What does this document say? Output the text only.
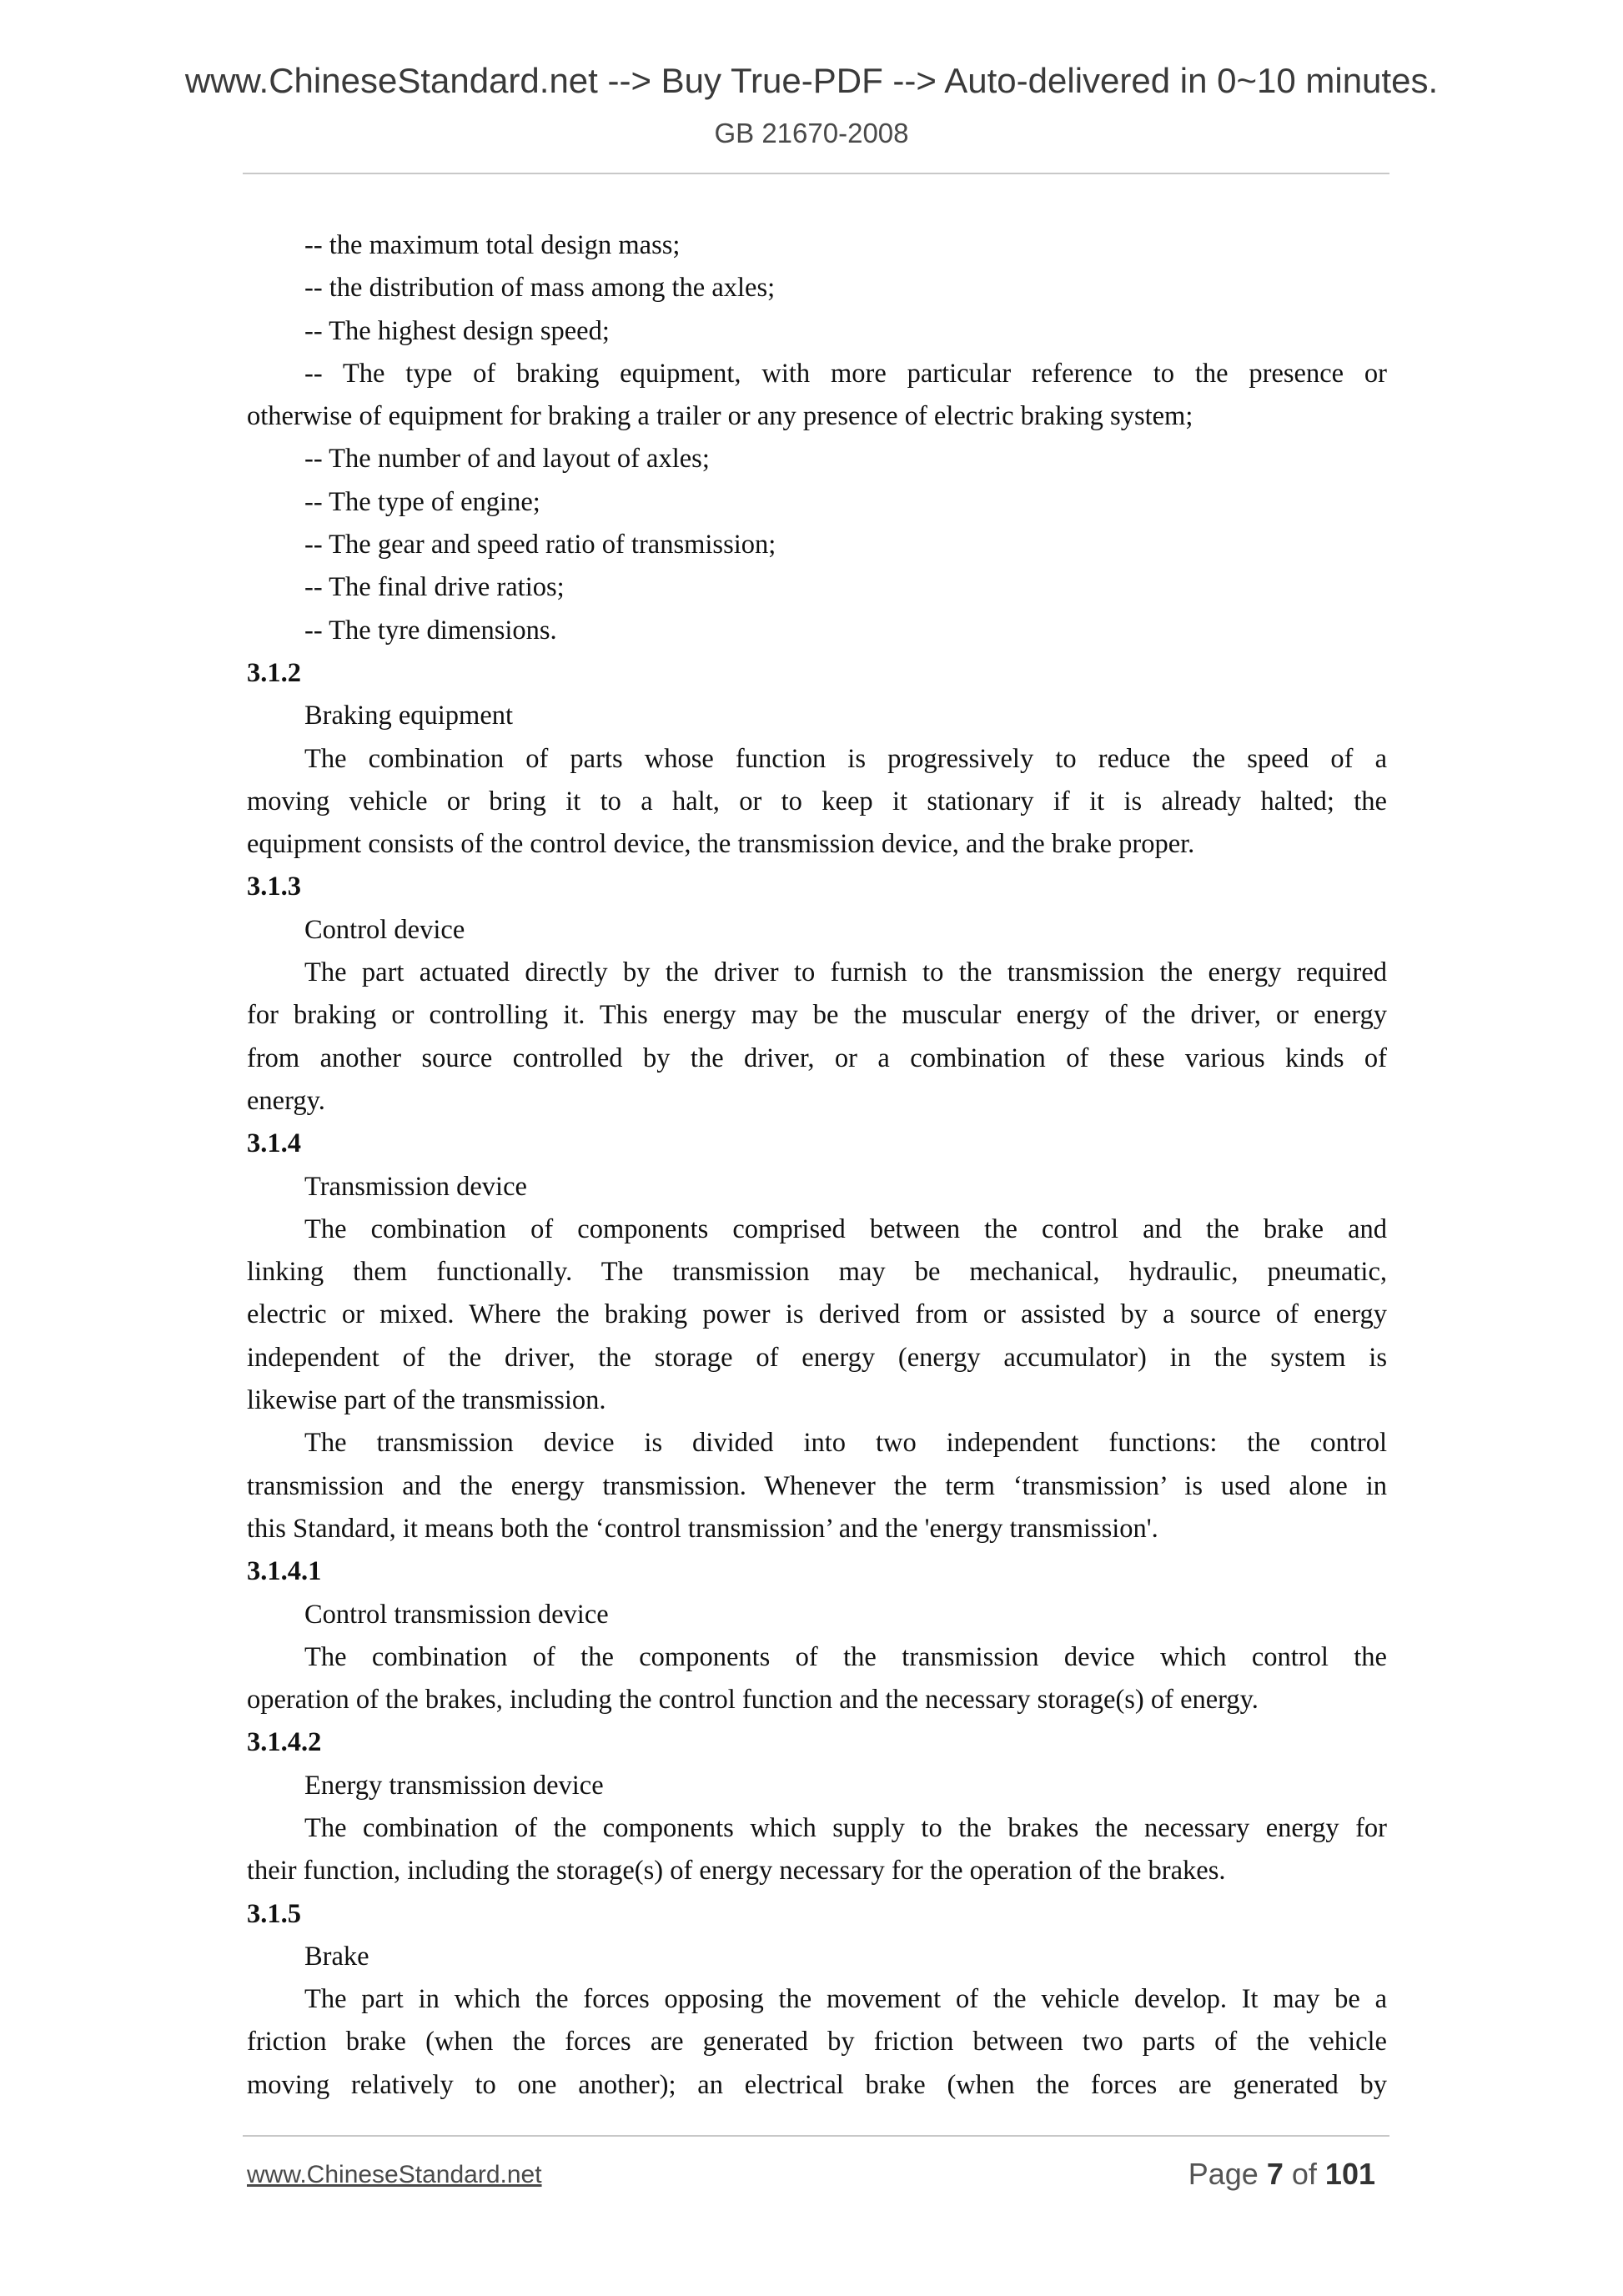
www.ChineseStandard.net --> Buy True-PDF --> Auto-delivered in 0~10 minutes.
GB 21670-2008
-- the maximum total design mass;
-- the distribution of mass among the axles;
-- The highest design speed;
-- The type of braking equipment, with more particular reference to the presence or
otherwise of equipment for braking a trailer or any presence of electric braking system;
-- The number of and layout of axles;
-- The type of engine;
-- The gear and speed ratio of transmission;
-- The final drive ratios;
-- The tyre dimensions.
3.1.2
Braking equipment
The combination of parts whose function is progressively to reduce the speed of a
moving vehicle or bring it to a halt, or to keep it stationary if it is already halted; the
equipment consists of the control device, the transmission device, and the brake proper.
3.1.3
Control device
The part actuated directly by the driver to furnish to the transmission the energy required
for braking or controlling it. This energy may be the muscular energy of the driver, or energy
from another source controlled by the driver, or a combination of these various kinds of
energy.
3.1.4
Transmission device
The combination of components comprised between the control and the brake and
linking them functionally. The transmission may be mechanical, hydraulic, pneumatic,
electric or mixed. Where the braking power is derived from or assisted by a source of energy
independent of the driver, the storage of energy (energy accumulator) in the system is
likewise part of the transmission.
The transmission device is divided into two independent functions: the control
transmission and the energy transmission. Whenever the term ‘transmission’ is used alone in
this Standard, it means both the ‘control transmission’ and the 'energy transmission'.
3.1.4.1
Control transmission device
The combination of the components of the transmission device which control the
operation of the brakes, including the control function and the necessary storage(s) of energy.
3.1.4.2
Energy transmission device
The combination of the components which supply to the brakes the necessary energy for
their function, including the storage(s) of energy necessary for the operation of the brakes.
3.1.5
Brake
The part in which the forces opposing the movement of the vehicle develop. It may be a
friction brake (when the forces are generated by friction between two parts of the vehicle
moving relatively to one another); an electrical brake (when the forces are generated by
www.ChineseStandard.net	Page 7 of 101
